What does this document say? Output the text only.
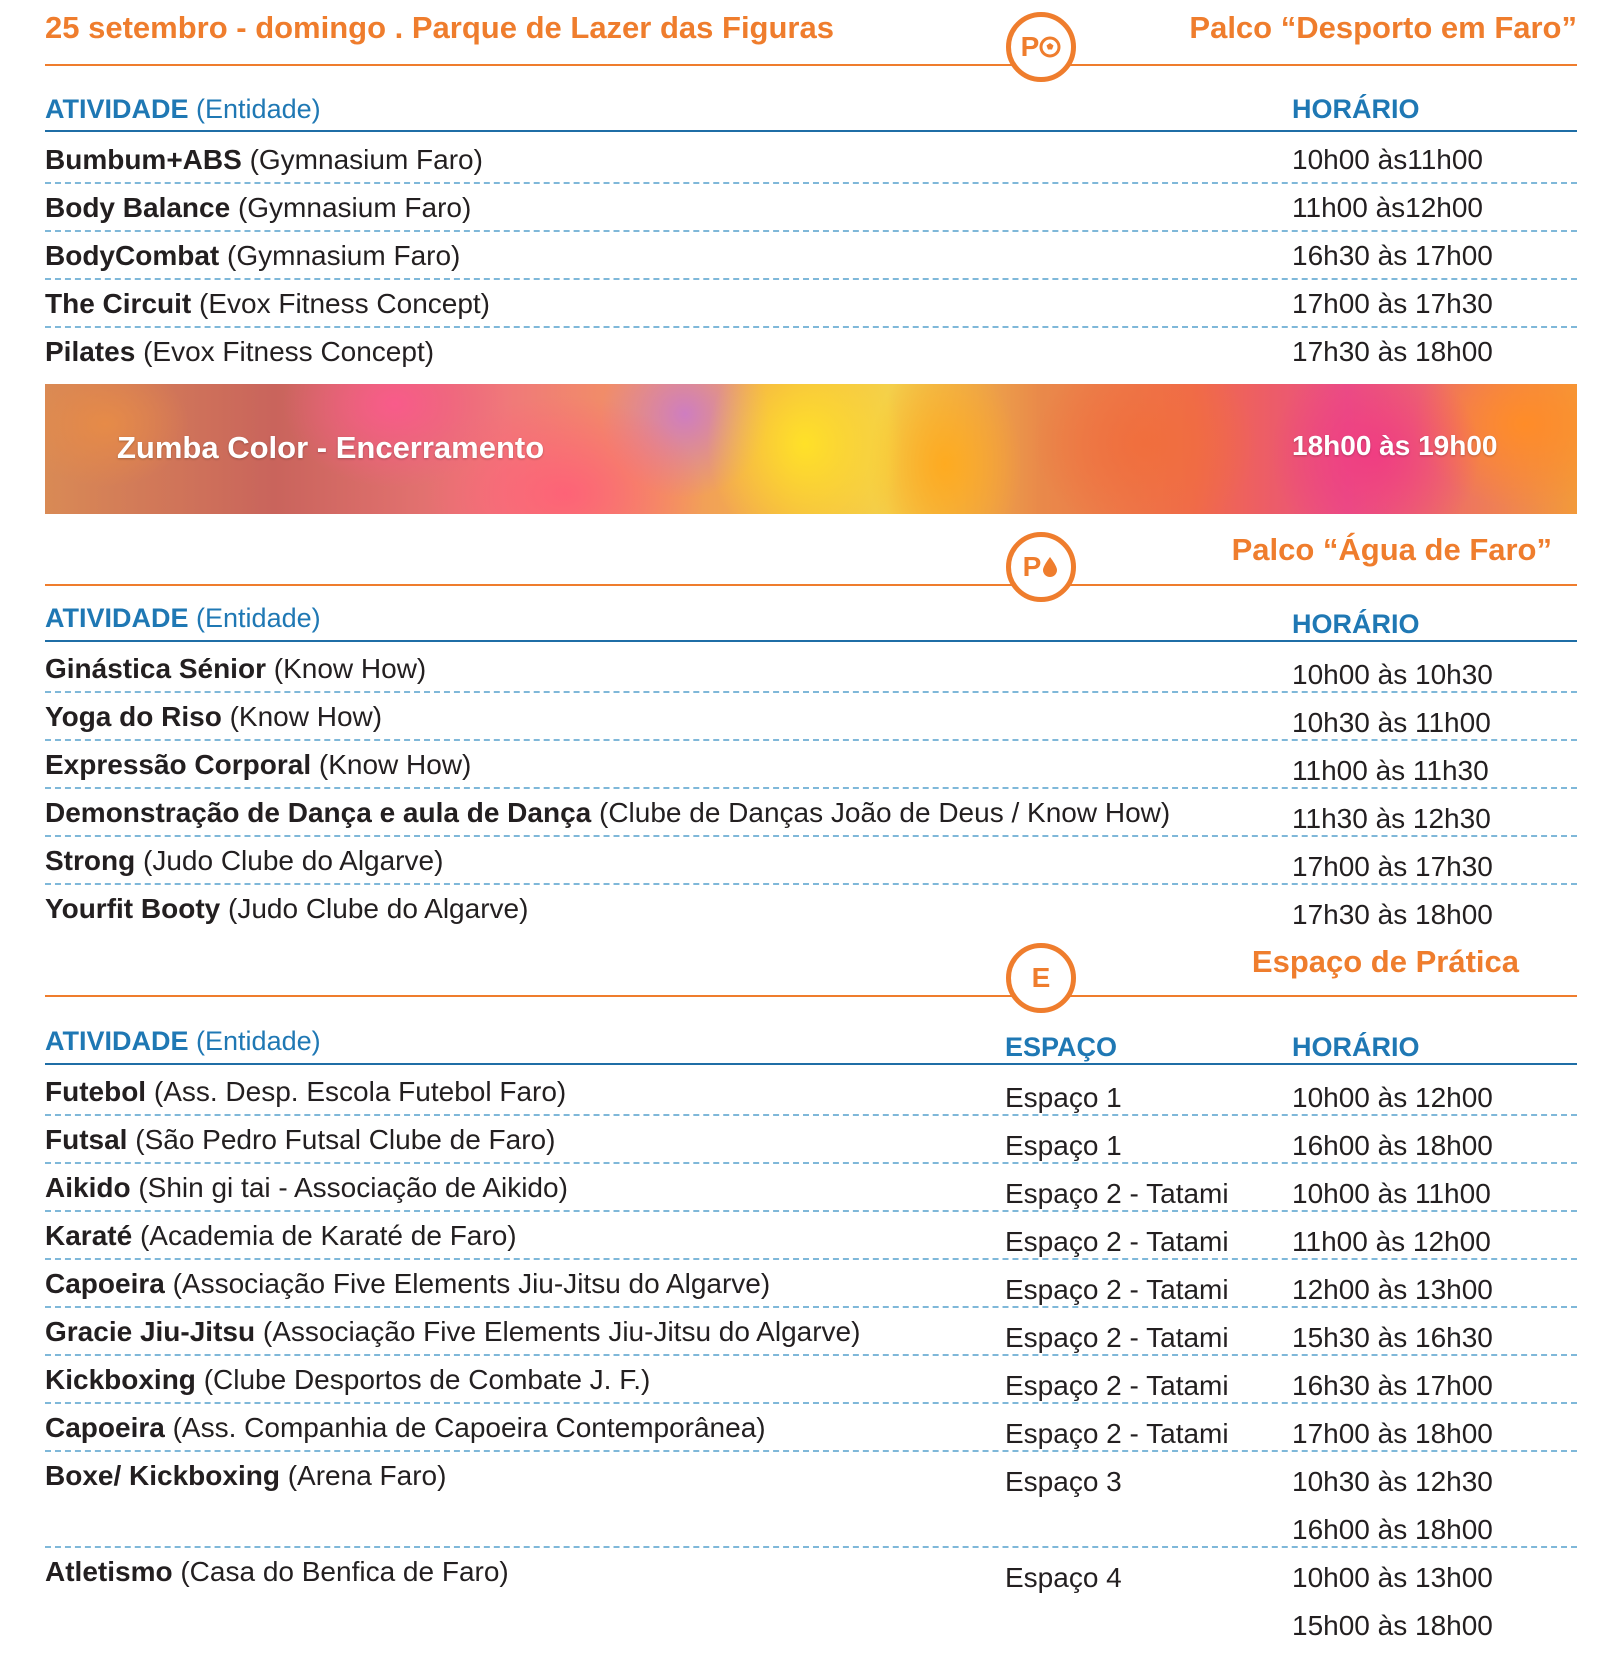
25 setembro - domingo . Parque de Lazer das Figuras	Palco “Desporto em Faro”
P
ATIVIDADE (Entidade)	HORÁRIO
Bumbum+ABS (Gymnasium Faro)	10h00 às11h00
Body Balance (Gymnasium Faro)	11h00 às12h00
BodyCombat (Gymnasium Faro)	16h30 às 17h00
The Circuit (Evox Fitness Concept)	17h00 às 17h30
Pilates (Evox Fitness Concept)	17h30 às 18h00
Zumba Color - Encerramento	18h00 às 19h00
Palco “Água de Faro”
P
ATIVIDADE (Entidade)	HORÁRIO
Ginástica Sénior (Know How)	10h00 às 10h30
Yoga do Riso (Know How)	10h30 às 11h00
Expressão Corporal (Know How)	11h00 às 11h30
Demonstração de Dança e aula de Dança (Clube de Danças João de Deus / Know How)	11h30 às 12h30
Strong (Judo Clube do Algarve)	17h00 às 17h30
Yourfit Booty (Judo Clube do Algarve)	17h30 às 18h00
Espaço de Prática
E
ATIVIDADE (Entidade)	ESPAÇO	HORÁRIO
Futebol (Ass. Desp. Escola Futebol Faro)	Espaço 1	10h00 às 12h00
Futsal (São Pedro Futsal Clube de Faro)	Espaço 1	16h00 às 18h00
Aikido (Shin gi tai - Associação de Aikido)	Espaço 2 - Tatami 10h00 às 11h00
Karaté (Academia de Karaté de Faro)	Espaço 2 - Tatami 11h00 às 12h00
Capoeira (Associação Five Elements Jiu-Jitsu do Algarve)	Espaço 2 - Tatami 12h00 às 13h00
Gracie Jiu-Jitsu (Associação Five Elements Jiu-Jitsu do Algarve)	Espaço 2 - Tatami 15h30 às 16h30
Kickboxing (Clube Desportos de Combate J. F.)	Espaço 2 - Tatami 16h30 às 17h00
Capoeira (Ass. Companhia de Capoeira Contemporânea)	Espaço 2 - Tatami 17h00 às 18h00
Boxe/ Kickboxing (Arena Faro)	Espaço 3	10h30 às 12h30
16h00 às 18h00
Atletismo (Casa do Benfica de Faro)	Espaço 4	10h00 às 13h00
15h00 às 18h00
